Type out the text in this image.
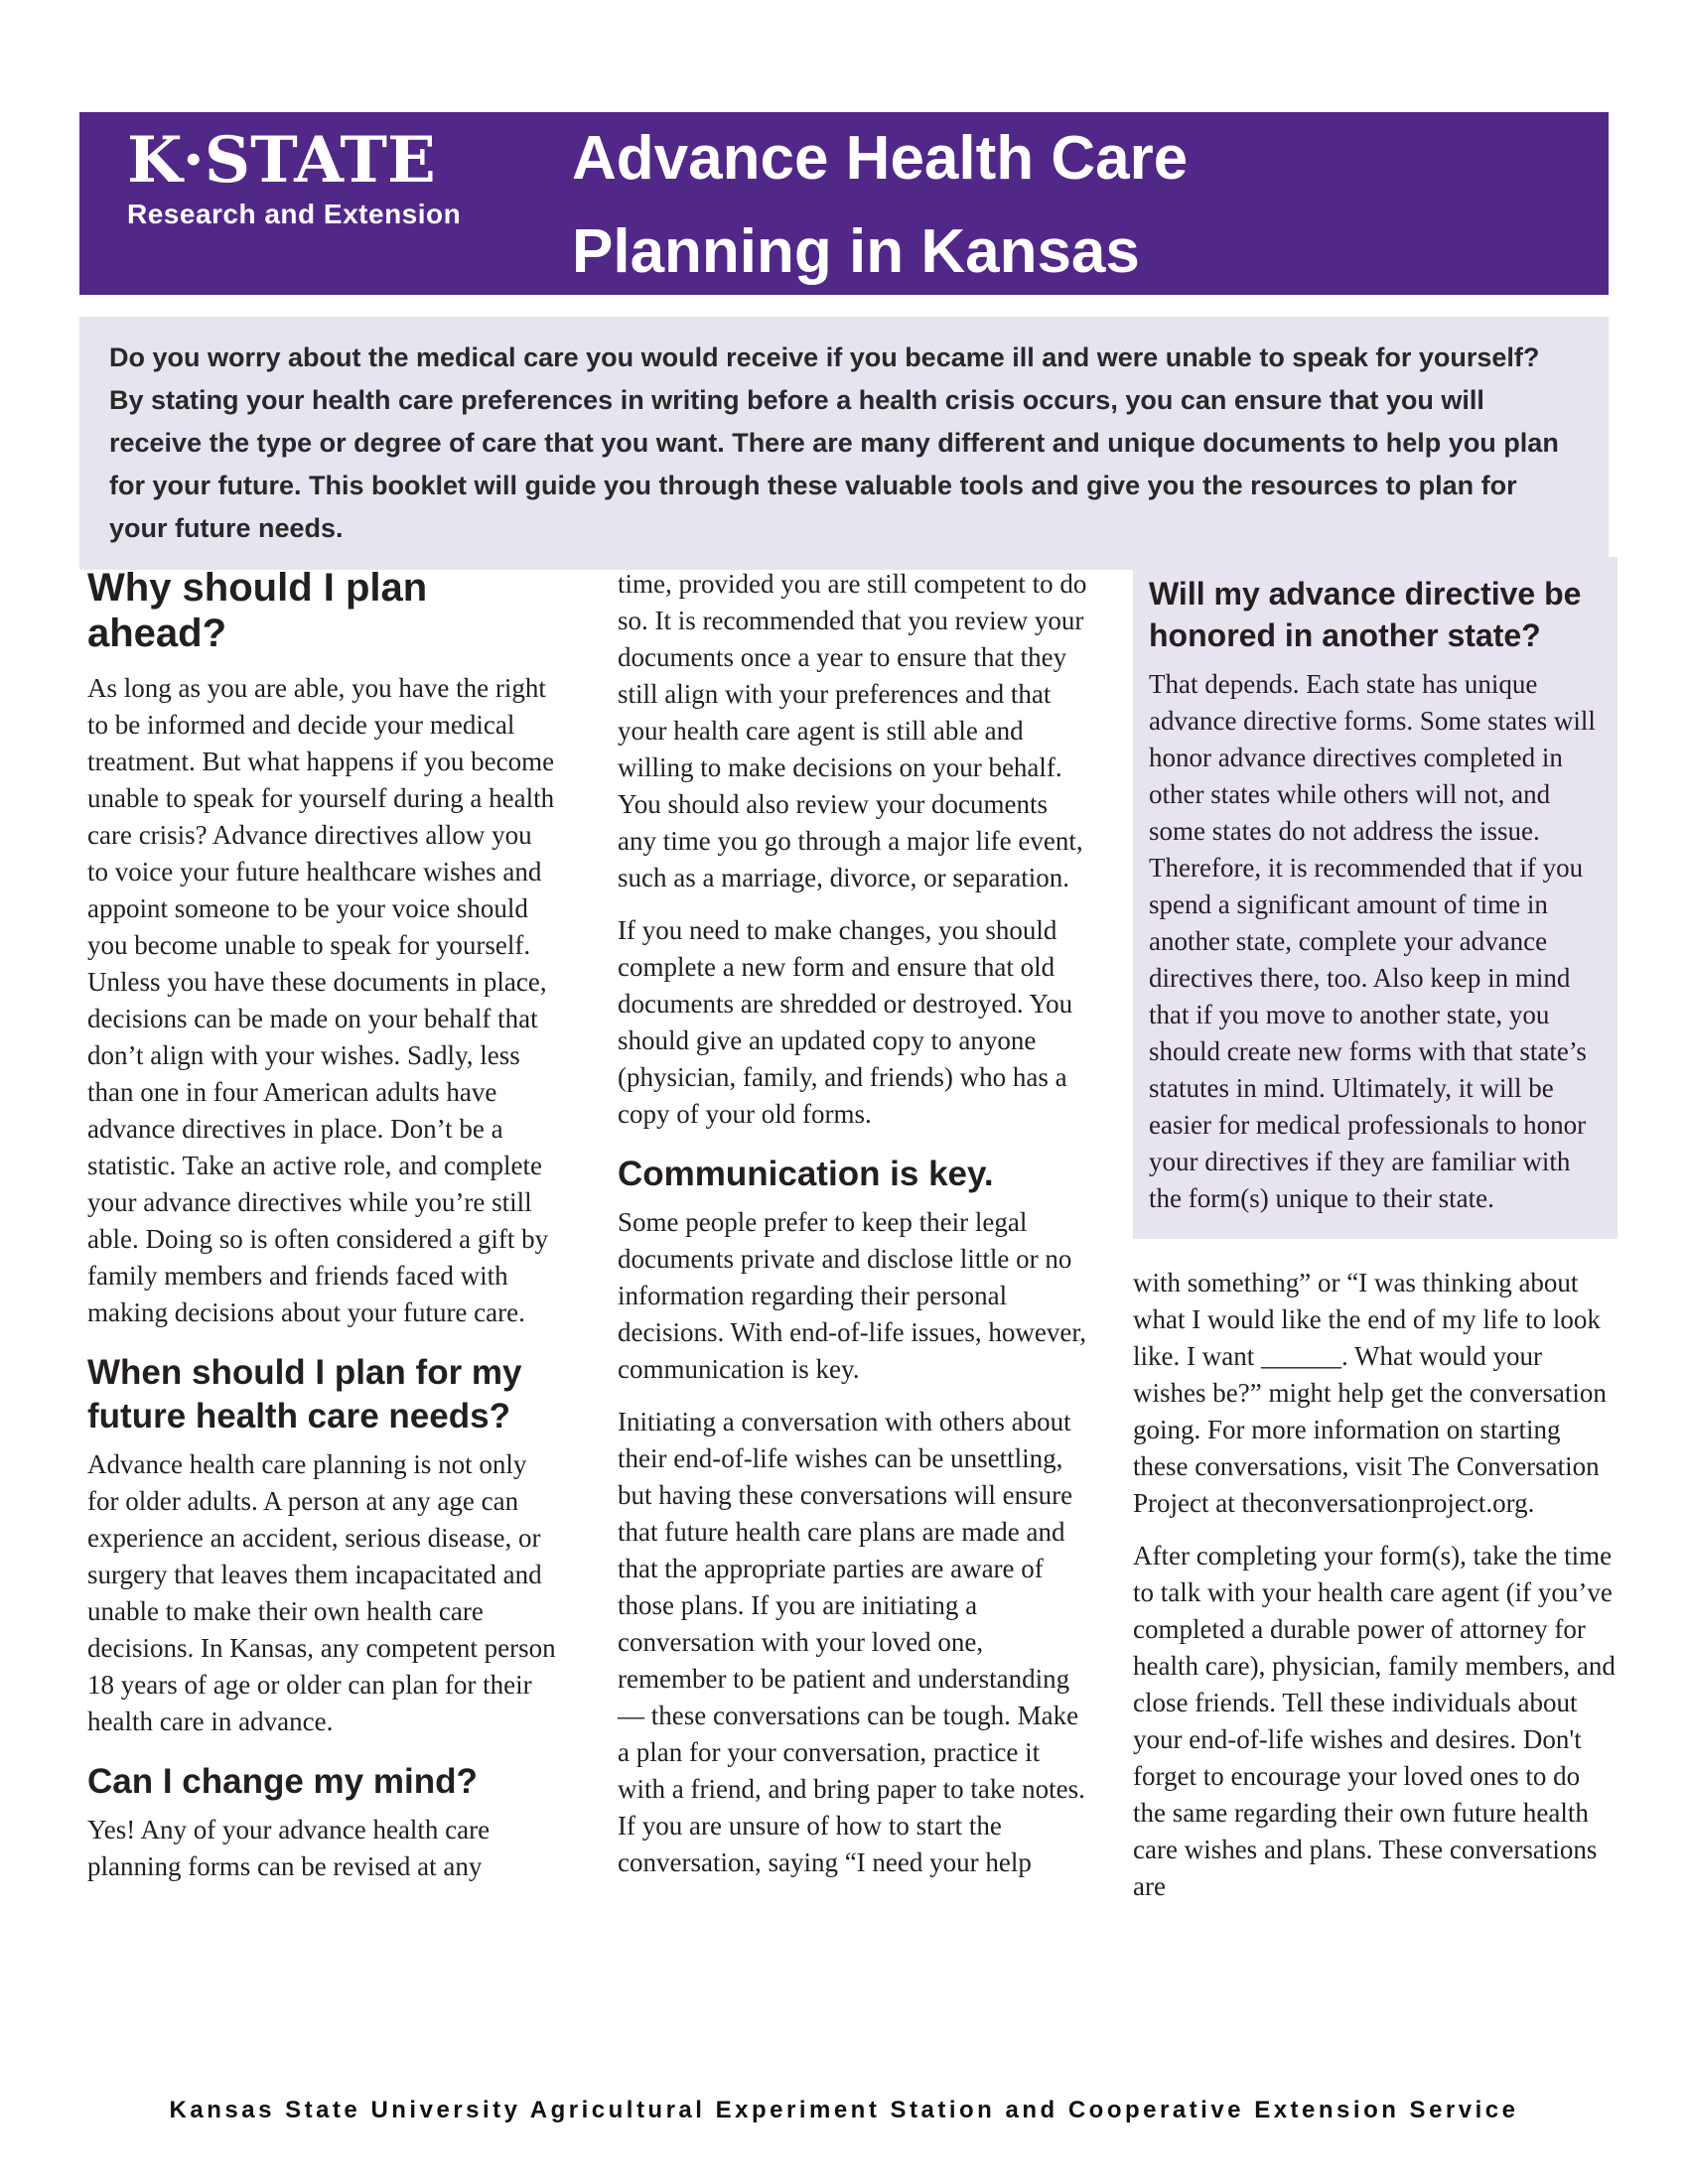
K·STATE
Research and Extension
Advance Health Care
Planning in Kansas
Do you worry about the medical care you would receive if you became ill and were unable to speak for yourself? By stating your health care preferences in writing before a health crisis occurs, you can ensure that you will receive the type or degree of care that you want. There are many different and unique documents to help you plan for your future. This booklet will guide you through these valuable tools and give you the resources to plan for your future needs.
Why should I plan ahead?

As long as you are able, you have the right to be informed and decide your medical treatment. But what happens if you become unable to speak for yourself during a health care crisis? Advance directives allow you to voice your future healthcare wishes and appoint someone to be your voice should you become unable to speak for yourself. Unless you have these documents in place, decisions can be made on your behalf that don’t align with your wishes. Sadly, less than one in four American adults have advance directives in place. Don’t be a statistic. Take an active role, and complete your advance directives while you’re still able. Doing so is often considered a gift by family members and friends faced with making decisions about your future care.

When should I plan for my future health care needs?

Advance health care planning is not only for older adults. A person at any age can experience an accident, serious disease, or surgery that leaves them incapacitated and unable to make their own health care decisions. In Kansas, any competent person 18 years of age or older can plan for their health care in advance.

Can I change my mind?

Yes! Any of your advance health care planning forms can be revised at any

time, provided you are still competent to do so. It is recommended that you review your documents once a year to ensure that they still align with your preferences and that your health care agent is still able and willing to make decisions on your behalf. You should also review your documents any time you go through a major life event, such as a marriage, divorce, or separation.

If you need to make changes, you should complete a new form and ensure that old documents are shredded or destroyed. You should give an updated copy to anyone (physician, family, and friends) who has a copy of your old forms.

Communication is key.

Some people prefer to keep their legal documents private and disclose little or no information regarding their personal decisions. With end-of-life issues, however, communication is key.

Initiating a conversation with others about their end-of-life wishes can be unsettling, but having these conversations will ensure that future health care plans are made and that the appropriate parties are aware of those plans. If you are initiating a conversation with your loved one, remember to be patient and understanding — these conversations can be tough. Make a plan for your conversation, practice it with a friend, and bring paper to take notes. If you are unsure of how to start the conversation, saying “I need your help

Will my advance directive be honored in another state?

That depends. Each state has unique advance directive forms. Some states will honor advance directives completed in other states while others will not, and some states do not address the issue. Therefore, it is recommended that if you spend a significant amount of time in another state, complete your advance directives there, too. Also keep in mind that if you move to another state, you should create new forms with that state’s statutes in mind. Ultimately, it will be easier for medical professionals to honor your directives if they are familiar with the form(s) unique to their state.

with something” or “I was thinking about what I would like the end of my life to look like. I want ______. What would your wishes be?” might help get the conversation going. For more information on starting these conversations, visit The Conversation Project at theconversationproject.org.

After completing your form(s), take the time to talk with your health care agent (if you’ve completed a durable power of attorney for health care), physician, family members, and close friends. Tell these individuals about your end-of-life wishes and desires. Don't forget to encourage your loved ones to do the same regarding their own future health care wishes and plans. These conversations are

Kansas State University Agricultural Experiment Station and Cooperative Extension Service
